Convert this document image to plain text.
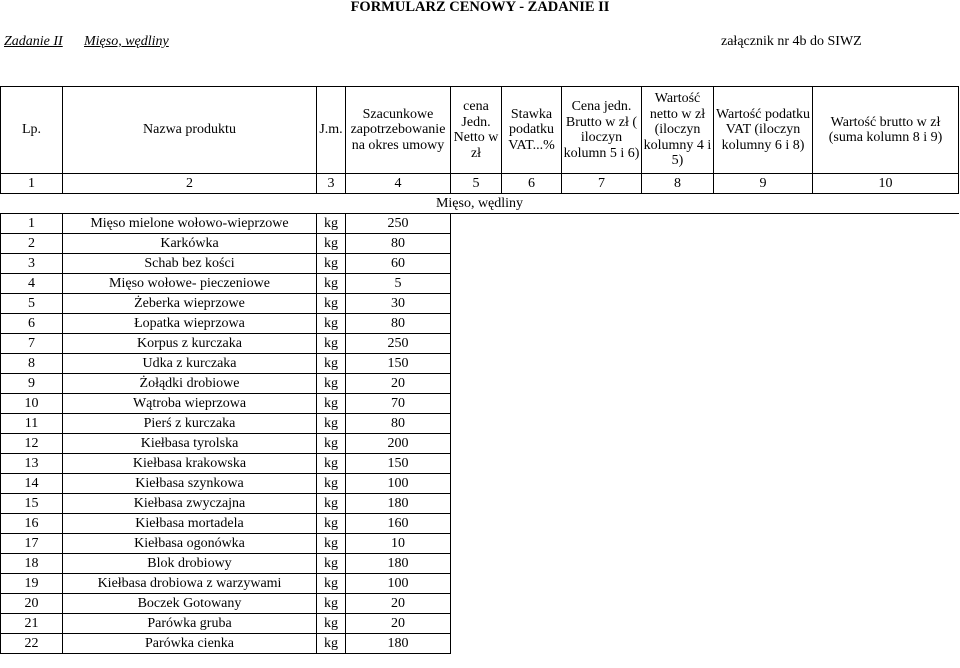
FORMULARZ CENOWY - ZADANIE II
Zadanie II Mięso, wędliny	załącznik nr 4b do SIWZ
Lp.	Nazwa produktu	J.m.	Szacunkowe zapotrzebowanie na okres umowy	cena Jedn. Netto w zł	Stawka podatku VAT...%	Cena jedn. Brutto w zł ( iloczyn kolumn 5 i 6)	Wartość netto w zł (iloczyn kolumny 4 i 5)	Wartość podatku VAT (iloczyn kolumny 6 i 8)	Wartość brutto w zł (suma kolumn 8 i 9)
1	2	3	4	5	6	7	8	9	10
Mięso, wędliny									
1	Mięso mielone wołowo-wieprzowe	kg	250						
2	Karkówka	kg	80						
3	Schab bez kości	kg	60						
4	Mięso wołowe- pieczeniowe	kg	5						
5	Żeberka wieprzowe	kg	30						
6	Łopatka wieprzowa	kg	80						
7	Korpus z kurczaka	kg	250						
8	Udka z kurczaka	kg	150						
9	Żołądki drobiowe	kg	20						
10	Wątroba wieprzowa	kg	70						
11	Pierś z kurczaka	kg	80						
12	Kiełbasa tyrolska	kg	200						
13	Kiełbasa krakowska	kg	150						
14	Kiełbasa szynkowa	kg	100						
15	Kiełbasa zwyczajna	kg	180						
16	Kiełbasa mortadela	kg	160						
17	Kiełbasa ogonówka	kg	10						
18	Blok drobiowy	kg	180						
19	Kiełbasa drobiowa z warzywami	kg	100						
20	Boczek Gotowany	kg	20						
21	Parówka gruba	kg	20						
22	Parówka cienka	kg	180						
